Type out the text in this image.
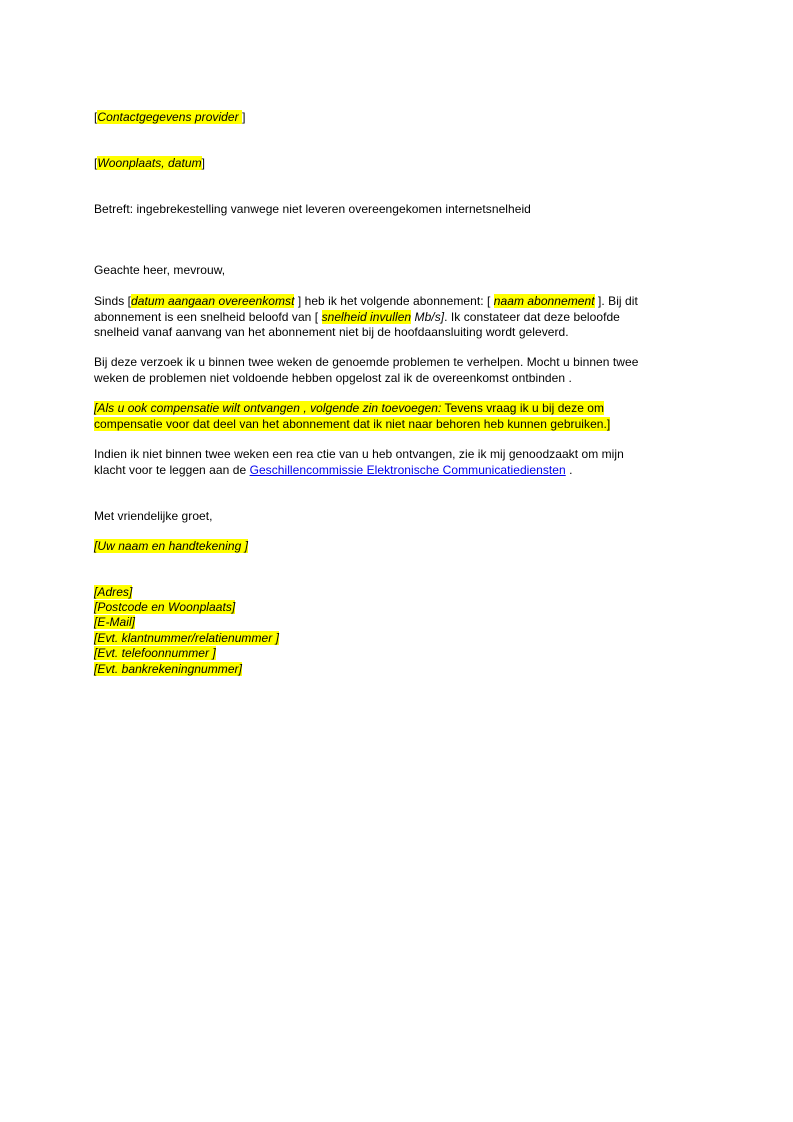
[Contactgegevens provider ]
[Woonplaats, datum]
Betreft: ingebrekestelling vanwege niet leveren overeengekomen internetsnelheid
Geachte heer, mevrouw,
Sinds [datum aangaan overeenkomst ] heb ik het volgende abonnement: [ naam abonnement ]. Bij dit
abonnement is een snelheid beloofd van [ snelheid invullen Mb/s]. Ik constateer dat deze beloofde
snelheid vanaf aanvang van het abonnement niet bij de hoofdaansluiting wordt geleverd.
Bij deze verzoek ik u binnen twee weken de genoemde problemen te verhelpen. Mocht u binnen twee
weken de problemen niet voldoende hebben opgelost zal ik de overeenkomst ontbinden .
[Als u ook compensatie wilt ontvangen , volgende zin toevoegen: Tevens vraag ik u bij deze om
compensatie voor dat deel van het abonnement dat ik niet naar behoren heb kunnen gebruiken.]
Indien ik niet binnen twee weken een rea ctie van u heb ontvangen, zie ik mij genoodzaakt om mijn
klacht voor te leggen aan de Geschillencommissie Elektronische Communicatiediensten .
Met vriendelijke groet,
[Uw naam en handtekening ]
[Adres]
[Postcode en Woonplaats]
[E-Mail]
[Evt. klantnummer/relatienummer ]
[Evt. telefoonnummer ]
[Evt. bankrekeningnummer]
